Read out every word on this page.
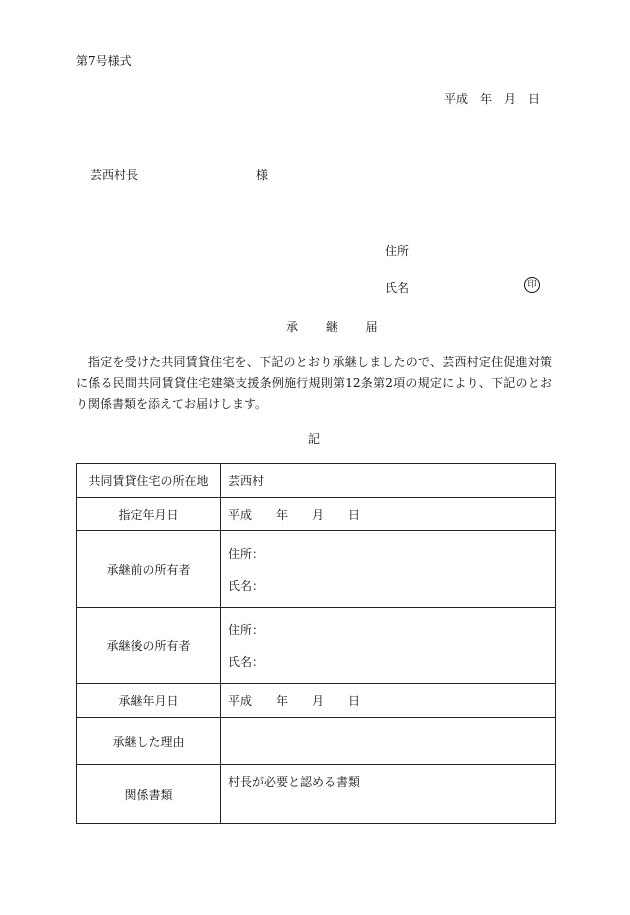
第7号様式
平成 年 月 日
芸西村長	様
住所
氏名	印
承 継 届

指定を受けた共同賃貸住宅を、下記のとおり承継しましたので、芸西村定住促進対策に係る民間共同賃貸住宅建築支援条例施行規則第12条第2項の規定により、下記のとおり関係書類を添えてお届けします。

記
共同賃貸住宅の所在地	芸西村
指定年月日	平成　　年　　月　　日
承継前の所有者	住所：
氏名：

承継後の所有者	住所：
氏名：

承継年月日	平成　　年　　月　　日
承継した理由	
関係書類	村長が必要と認める書類
